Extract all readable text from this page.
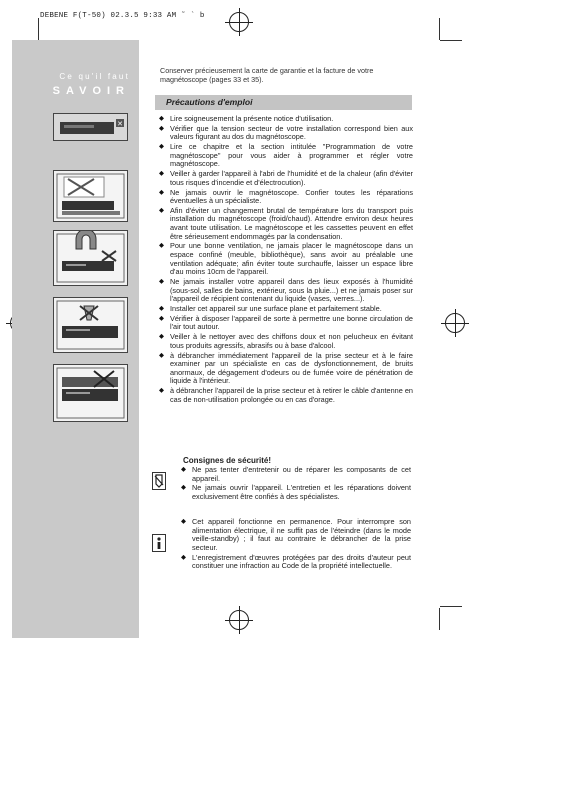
DEBENE F(T-50) 02.3.5 9:33 AM ˜ ` b
Ce qu'il faut
SAVOIR
✕
Conserver précieusement la carte de garantie et la facture de votre magnétoscope (pages 33 et 35).
Précautions d'emploi
◆ Lire soigneusement la présente notice d'utilisation.
◆ Vérifier que la tension secteur de votre installation correspond bien aux valeurs figurant au dos du magnétoscope.
◆ Lire ce chapitre et la section intitulée "Programmation de votre magnétoscope" pour vous aider à programmer et régler votre magnétoscope.
◆ Veiller à garder l'appareil à l'abri de l'humidité et de la chaleur (afin d'éviter tous risques d'incendie et d'électrocution).
◆ Ne jamais ouvrir le magnétoscope. Confier toutes les réparations éventuelles à un spécialiste.
◆ Afin d'éviter un changement brutal de température lors du transport puis installation du magnétoscope (froid/chaud). Attendre environ deux heures avant toute utilisation. Le magnétoscope et les cassettes peuvent en effet être sérieusement endommagés par la condensation.
◆ Pour une bonne ventilation, ne jamais placer le magnétoscope dans un espace confiné (meuble, bibliothèque), sans avoir au préalable une ventilation adéquate; afin éviter toute surchauffe, laisser un espace libre d'au moins 10cm de l'appareil.
◆ Ne jamais installer votre appareil dans des lieux exposés à l'humidité (sous-sol, salles de bains, extérieur, sous la pluie...) et ne jamais poser sur l'appareil de récipient contenant du liquide (vases, verres...).
◆ Installer cet appareil sur une surface plane et parfaitement stable.
◆ Vérifier à disposer l'appareil de sorte à permettre une bonne circulation de l'air tout autour.
◆ Veiller à le nettoyer avec des chiffons doux et non pelucheux en évitant tous produits agressifs, abrasifs ou à base d'alcool.
◆ à débrancher immédiatement l'appareil de la prise secteur et à le faire examiner par un spécialiste en cas de dysfonctionnement, de bruits anormaux, de dégagement d'odeurs ou de fumée voire de pénétration de liquide à l'intérieur.
◆ à débrancher l'appareil de la prise secteur et à retirer le câble d'antenne en cas de non-utilisation prolongée ou en cas d'orage.
Consignes de sécurité!
◆ Ne pas tenter d'entretenir ou de réparer les composants de cet appareil.
◆ Ne jamais ouvrir l'appareil. L'entretien et les réparations doivent exclusivement être confiés à des spécialistes.
◆ Cet appareil fonctionne en permanence. Pour interrompre son alimentation électrique, il ne suffit pas de l'éteindre (dans le mode veille-standby) ; il faut au contraire le débrancher de la prise secteur.
◆ L'enregistrement d'œuvres protégées par des droits d'auteur peut constituer une infraction au Code de la propriété intellectuelle.
